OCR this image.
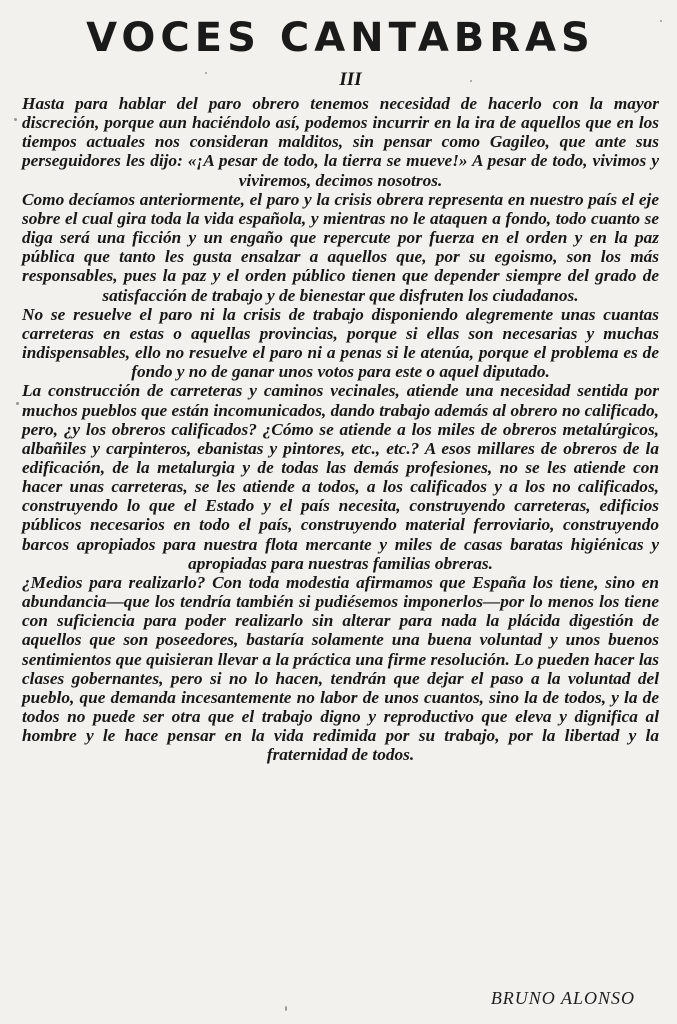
VOCES CANTABRAS
III

Hasta para hablar del paro obrero tenemos necesidad de hacerlo con la mayor discreción, porque aun haciéndolo así, podemos incurrir en la ira de aquellos que en los tiempos actuales nos consideran malditos, sin pensar como Gagileo, que ante sus perseguidores les dijo: «¡A pesar de todo, la tierra se mueve!» A pesar de todo, vivimos y viviremos, decimos nosotros.

Como decíamos anteriormente, el paro y la crisis obrera representa en nuestro país el eje sobre el cual gira toda la vida española, y mientras no le ataquen a fondo, todo cuanto se diga será una ficción y un engaño que repercute por fuerza en el orden y en la paz pública que tanto les gusta ensalzar a aquellos que, por su egoismo, son los más responsables, pues la paz y el orden público tienen que depender siempre del grado de satisfacción de trabajo y de bienestar que disfruten los ciudadanos.

No se resuelve el paro ni la crisis de trabajo disponiendo alegremente unas cuantas carreteras en estas o aquellas provincias, porque si ellas son necesarias y muchas indispensables, ello no resuelve el paro ni a penas si le atenúa, porque el problema es de fondo y no de ganar unos votos para este o aquel diputado.

La construcción de carreteras y caminos vecinales, atiende una necesidad sentida por muchos pueblos que están incomunicados, dando trabajo además al obrero no calificado, pero, ¿y los obreros calificados? ¿Cómo se atiende a los miles de obreros metalúrgicos, albañiles y carpinteros, ebanistas y pintores, etc., etc.? A esos millares de obreros de la edificación, de la metalurgia y de todas las demás profesiones, no se les atiende con hacer unas carreteras, se les atiende a todos, a los calificados y a los no calificados, construyendo lo que el Estado y el país necesita, construyendo carreteras, edificios públicos necesarios en todo el país, construyendo material ferroviario, construyendo barcos apropiados para nuestra flota mercante y miles de casas baratas higiénicas y apropiadas para nuestras familias obreras.

¿Medios para realizarlo? Con toda modestia afirmamos que España los tiene, sino en abundancia—que los tendría también si pudiésemos imponerlos—por lo menos los tiene con suficiencia para poder realizarlo sin alterar para nada la plácida digestión de aquellos que son poseedores, bastaría solamente una buena voluntad y unos buenos sentimientos que quisieran llevar a la práctica una firme resolución. Lo pueden hacer las clases gobernantes, pero si no lo hacen, tendrán que dejar el paso a la voluntad del pueblo, que demanda incesantemente no labor de unos cuantos, sino la de todos, y la de todos no puede ser otra que el trabajo digno y reproductivo que eleva y dignifica al hombre y le hace pensar en la vida redimida por su trabajo, por la libertad y la fraternidad de todos.

BRUNO ALONSO
